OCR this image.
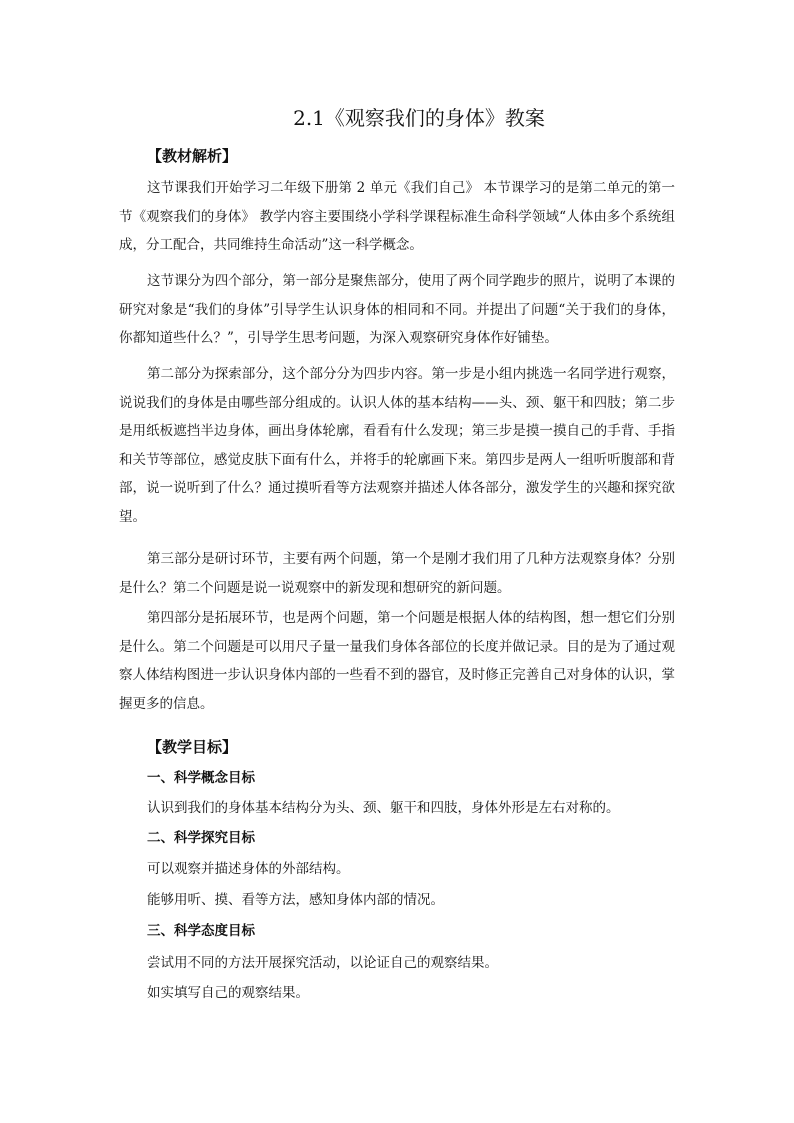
2.1《观察我们的身体》教案
【教材解析】

这节课我们开始学习二年级下册第 2 单元《我们自己》 本节课学习的是第二单元的第一节《观察我们的身体》 教学内容主要围绕小学科学课程标准生命科学领域“人体由多个系统组成，分工配合，共同维持生命活动”这一科学概念。

这节课分为四个部分，第一部分是聚焦部分，使用了两个同学跑步的照片，说明了本课的研究对象是“我们的身体”引导学生认识身体的相同和不同。并提出了问题“关于我们的身体，你都知道些什么？”，引导学生思考问题，为深入观察研究身体作好铺垫。

第二部分为探索部分，这个部分分为四步内容。第一步是小组内挑选一名同学进行观察，说说我们的身体是由哪些部分组成的。认识人体的基本结构——头、颈、躯干和四肢；第二步是用纸板遮挡半边身体，画出身体轮廓，看看有什么发现；第三步是摸一摸自己的手背、手指和关节等部位，感觉皮肤下面有什么，并将手的轮廓画下来。第四步是两人一组听听腹部和背部，说一说听到了什么？通过摸听看等方法观察并描述人体各部分，激发学生的兴趣和探究欲望。

第三部分是研讨环节，主要有两个问题，第一个是刚才我们用了几种方法观察身体？分别是什么？第二个问题是说一说观察中的新发现和想研究的新问题。

第四部分是拓展环节，也是两个问题，第一个问题是根据人体的结构图，想一想它们分别是什么。第二个问题是可以用尺子量一量我们身体各部位的长度并做记录。目的是为了通过观察人体结构图进一步认识身体内部的一些看不到的器官，及时修正完善自己对身体的认识，掌握更多的信息。

【教学目标】
一、科学概念目标
认识到我们的身体基本结构分为头、颈、躯干和四肢，身体外形是左右对称的。
二、科学探究目标
可以观察并描述身体的外部结构。
能够用听、摸、看等方法，感知身体内部的情况。
三、科学态度目标
尝试用不同的方法开展探究活动，以论证自己的观察结果。
如实填写自己的观察结果。
